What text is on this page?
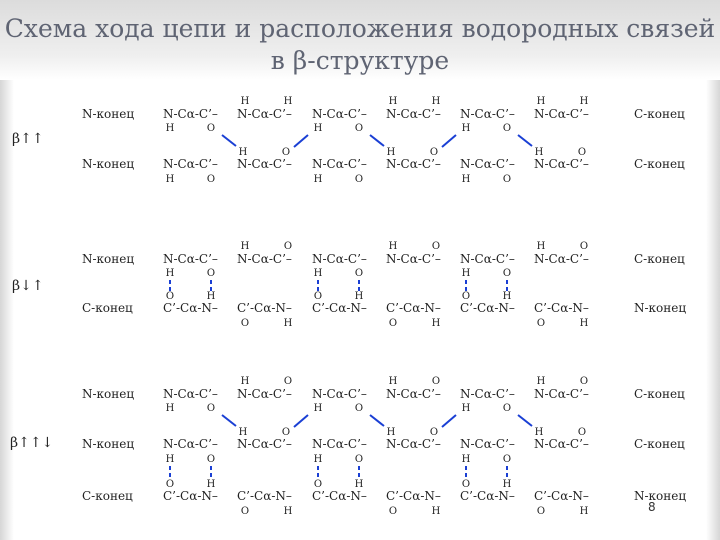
Схема хода цепи и расположения водородных связей
в β-структуре
N-конец
N-конец
C-конец
C-конец
β↑↑
H	H	H	H	H	H
N-Cα-C’– N-Cα-C’– N-Cα-C’– N-Cα-C’– N-Cα-C’– N-Cα-C’–
H	H	H
O	O	O
H	H	H
O	O	O
N-Cα-C’– N-Cα-C’– N-Cα-C’– N-Cα-C’– N-Cα-C’– N-Cα-C’–
H	H	H
O	O	O
N-конец
C-конец
C-конец
N-конец
β↓↑
H	H	H
O	O	O
N-Cα-C’– N-Cα-C’– N-Cα-C’– N-Cα-C’– N-Cα-C’– N-Cα-C’–
H	H	H
O	O	O
O	O	O
H	H	H
C’-Cα-N– C’-Cα-N– C’-Cα-N– C’-Cα-N– C’-Cα-N– C’-Cα-N–
O	O	O
H	H	H
N-конец
N-конец
C-конец
C-конец
C-конец
N-конец
β↑↑↓
H	H	H
O	O	O
N-Cα-C’– N-Cα-C’– N-Cα-C’– N-Cα-C’– N-Cα-C’– N-Cα-C’–
H	H	H
O	O	O
H	H	H
O	O	O
N-Cα-C’– N-Cα-C’– N-Cα-C’– N-Cα-C’– N-Cα-C’– N-Cα-C’–
H	H	H
O	O	O
O	O	O
H	H	H
C’-Cα-N– C’-Cα-N– C’-Cα-N– C’-Cα-N– C’-Cα-N– C’-Cα-N–
O	O	O
H	H	H	8
